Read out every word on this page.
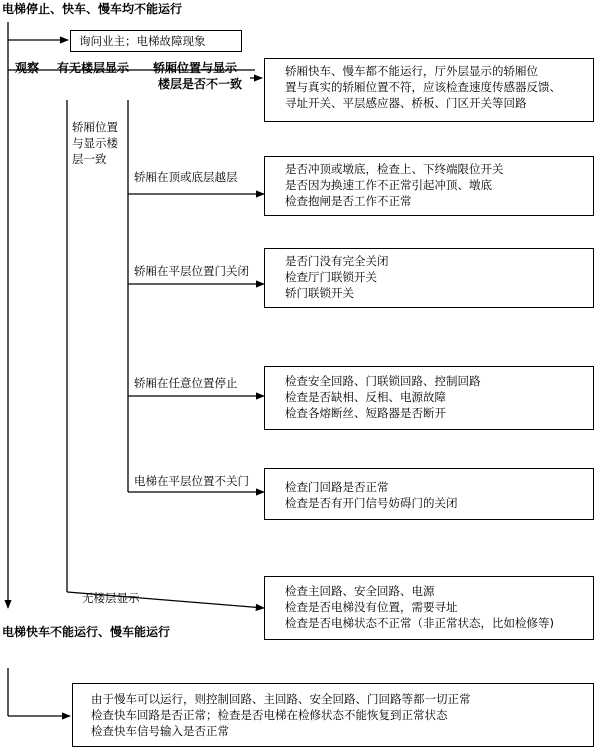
电梯停止、快车、慢车均不能运行
询问业主；电梯故障现象
观察 有无楼层显示 轿厢位置与显示
楼层是否不一致
轿厢快车、慢车都不能运行，厅外层显示的轿厢位
置与真实的轿厢位置不符，应该检查速度传感器反馈、
寻址开关、平层感应器、桥板、门区开关等回路
轿厢位置
与显示楼
层一致
轿厢在顶或底层越层
是否冲顶或墩底，检查上、下终端限位开关
是否因为换速工作不正常引起冲顶、墩底
检查抱闸是否工作不正常
轿厢在平层位置门关闭
是否门没有完全关闭
检查厅门联锁开关
轿门联锁开关
轿厢在任意位置停止	检查安全回路、门联锁回路、控制回路
检查是否缺相、反相、电源故障
检查各熔断丝、短路器是否断开
电梯在平层位置不关门	检查门回路是否正常
检查是否有开门信号妨碍门的关闭
无楼层显示	检查主回路、安全回路、电源
检查是否电梯没有位置，需要寻址
检查是否电梯状态不正常（非正常状态，比如检修等)
电梯快车不能运行、慢车能运行
由于慢车可以运行，则控制回路、主回路、安全回路、门回路等都一切正常
检查快车回路是否正常；检查是否电梯在检修状态不能恢复到正常状态
检查快车信号输入是否正常
